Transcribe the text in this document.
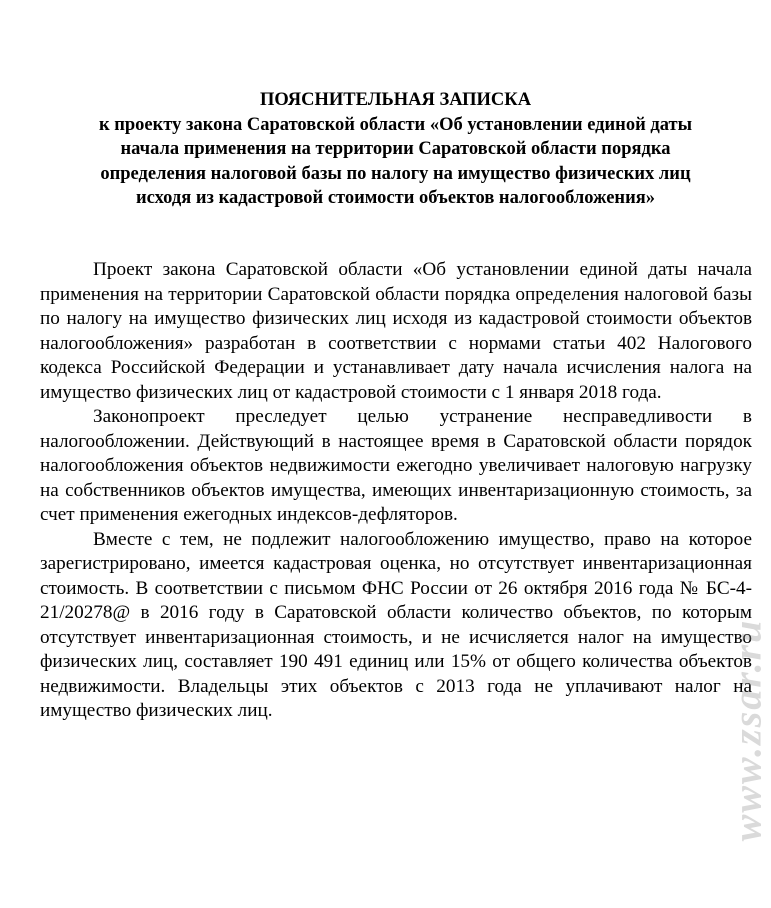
ПОЯСНИТЕЛЬНАЯ ЗАПИСКА
к проекту закона Саратовской области «Об установлении единой даты
начала применения на территории Саратовской области порядка
определения налоговой базы по налогу на имущество физических лиц
исходя из кадастровой стоимости объектов налогообложения»

Проект закона Саратовской области «Об установлении единой даты начала применения на территории Саратовской области порядка определения налоговой базы по налогу на имущество физических лиц исходя из кадастровой стоимости объектов налогообложения» разработан в соответствии с нормами статьи 402 Налогового кодекса Российской Федерации и устанавливает дату начала исчисления налога на имущество физических лиц от кадастровой стоимости с 1 января 2018 года.

Законопроект преследует целью устранение несправедливости в налогообложении. Действующий в настоящее время в Саратовской области порядок налогообложения объектов недвижимости ежегодно увеличивает налоговую нагрузку на собственников объектов имущества, имеющих инвентаризационную стоимость, за счет применения ежегодных индексов-дефляторов.

Вместе с тем, не подлежит налогообложению имущество, право на которое зарегистрировано, имеется кадастровая оценка, но отсутствует инвентаризационная стоимость. В соответствии с письмом ФНС России от 26 октября 2016 года № БС-4-21/20278@ в 2016 году в Саратовской области количество объектов, по которым отсутствует инвентаризационная стоимость, и не исчисляется налог на имущество физических лиц, составляет 190 491 единиц или 15% от общего количества объектов недвижимости. Владельцы этих объектов с 2013 года не уплачивают налог на имущество физических лиц.	www.zsar.ru
